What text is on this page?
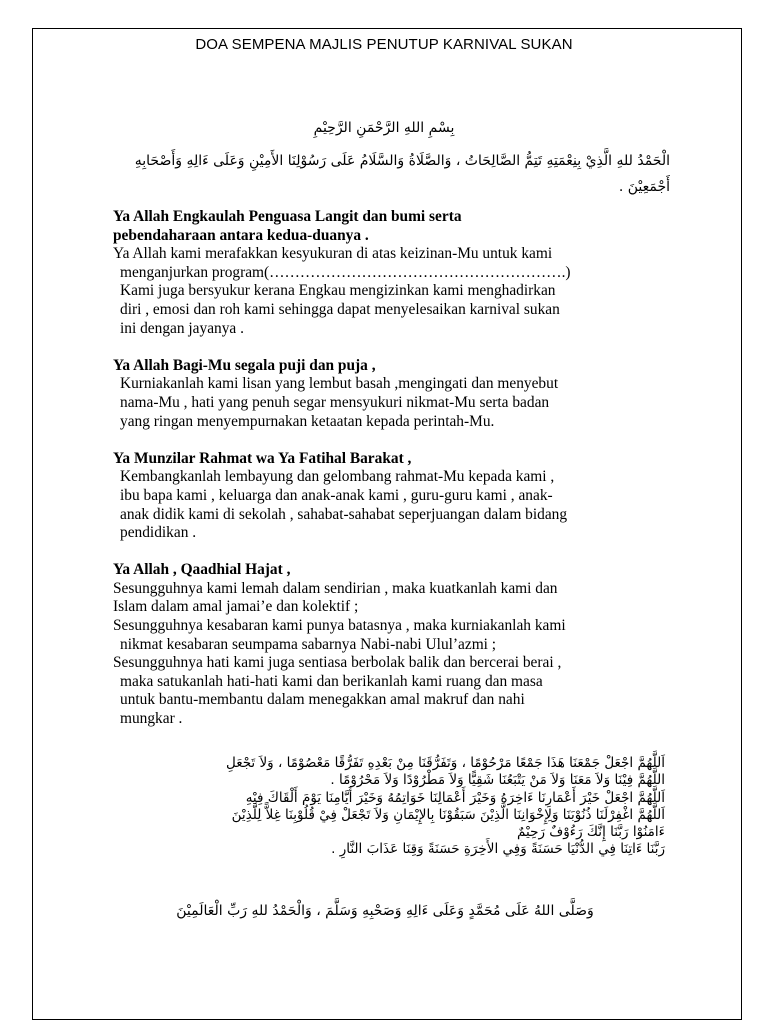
DOA SEMPENA MAJLIS PENUTUP KARNIVAL SUKAN
بِسْمِ اللهِ الرَّحْمَنِ الرَّحِيْمِ
الْحَمْدُ للهِ الَّذِيْ بِنِعْمَتِهِ تَتِمُّ الصَّالِحَاتُ ، وَالصَّلَاةُ وَالسَّلَامُ عَلَى رَسُوْلِنَا الأَمِيْنِ وَعَلَى ءَالِهِ وَأَصْحَابِهِ أَجْمَعِيْنَ .

Ya Allah Engkaulah Penguasa Langit dan bumi serta

pebendaharaan antara kedua-duanya .

Ya Allah kami merafakkan kesyukuran di atas keizinan-Mu untuk kami

menganjurkan program(………………………………………………….)

Kami juga bersyukur kerana Engkau mengizinkan kami menghadirkan

diri , emosi dan roh kami sehingga dapat menyelesaikan karnival sukan

ini dengan jayanya .

Ya Allah Bagi-Mu segala puji dan puja ,

Kurniakanlah kami lisan yang lembut basah ,mengingati dan menyebut

nama-Mu , hati yang penuh segar mensyukuri nikmat-Mu serta badan

yang ringan menyempurnakan ketaatan kepada perintah-Mu.

Ya Munzilar Rahmat wa Ya Fatihal Barakat ,

Kembangkanlah lembayung dan gelombang rahmat-Mu kepada kami ,

ibu bapa kami , keluarga dan anak-anak kami , guru-guru kami , anak-

anak didik kami di sekolah , sahabat-sahabat seperjuangan dalam bidang

pendidikan .

Ya Allah , Qaadhial Hajat ,

Sesungguhnya kami lemah dalam sendirian , maka kuatkanlah kami dan

Islam dalam amal jamai’e dan kolektif ;

Sesungguhnya kesabaran kami punya batasnya , maka kurniakanlah kami

nikmat kesabaran seumpama sabarnya Nabi-nabi Ulul’azmi ;

Sesungguhnya hati kami juga sentiasa berbolak balik dan bercerai berai ,

maka satukanlah hati-hati kami dan berikanlah kami ruang dan masa

untuk bantu-membantu dalam menegakkan amal makruf dan nahi

mungkar .

اَللَّهُمَّ اجْعَلْ جَمْعَنَا هَذَا جَمْعًا مَرْحُوْمًا ، وَتَفَرُّقَنَا مِنْ بَعْدِهِ تَفَرُّقًا مَعْصُوْمًا ، وَلاَ تَجْعَلِ

اللَّهُمَّ فِيْنَا وَلاَ مَعَنَا وَلاَ مَنْ يَتْبَعُنَا شَقِيًّا وَلاَ مَطْرُوْدًا وَلاَ مَحْرُوْمًا .

اَللَّهُمَّ اجْعَلْ خَيْرَ أَعْمَارِنَا ءَاخِرَهُ وَخَيْرَ أَعْمَالِنَا خَوَاتِمُهُ وَخَيْرَ أَيَّامِنَا يَوْمَ أَلْقَاكَ فِيْهِ

اَللَّهُمَّ اغْفِرْلَنَا ذُنُوْبَنَا وَلِإِخْوَانِنَا الَّذِيْنَ سَبَقُوْنَا بِالإِيْمَانِ وَلاَ تَجْعَلْ فِيْ قُلُوْبِنَا غِلاًّ لِلَّذِيْنَ

ءَامَنُوْا رَبَّنَا إِنَّكَ رَءُوْفٌ رَحِيْمٌ

رَبَّنَا ءَاتِنَا فِي الدُّنْيَا حَسَنَةً وَفِي الأَخِرَةِ حَسَنَةً وَقِنَا عَذَابَ النَّارِ .

وَصَلَّى اللهُ عَلَى مُحَمَّدٍ وَعَلَى ءَالِهِ وَصَحْبِهِ وَسَلَّمَ ، وَالْحَمْدُ للهِ رَبِّ الْعَالَمِيْنَ
